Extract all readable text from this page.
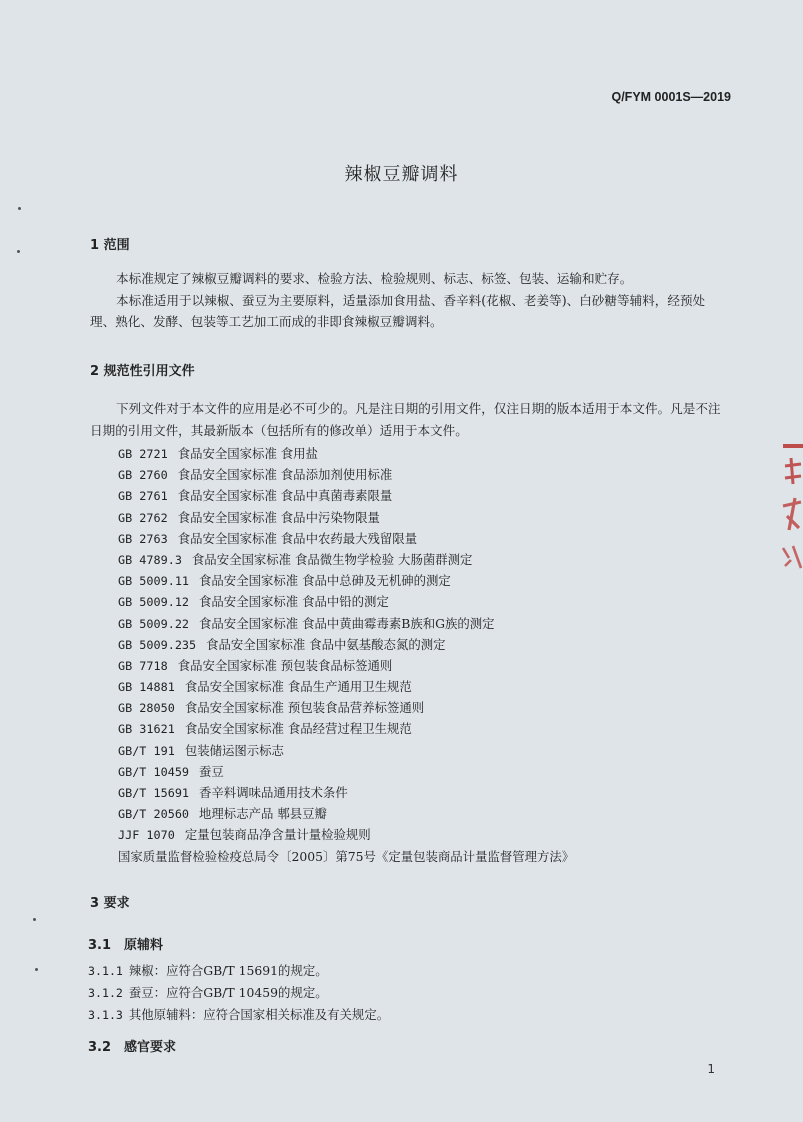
Q/FYM 0001S—2019
辣椒豆瓣调料
1 范围

本标准规定了辣椒豆瓣调料的要求、检验方法、检验规则、标志、标签、包装、运输和贮存。

本标准适用于以辣椒、蚕豆为主要原料，适量添加食用盐、香辛料(花椒、老姜等)、白砂糖等辅料，经预处理、熟化、发酵、包装等工艺加工而成的非即食辣椒豆瓣调料。

2 规范性引用文件

下列文件对于本文件的应用是必不可少的。凡是注日期的引用文件，仅注日期的版本适用于本文件。凡是不注日期的引用文件，其最新版本（包括所有的修改单）适用于本文件。

GB 2721 食品安全国家标准 食用盐
GB 2760 食品安全国家标准 食品添加剂使用标准
GB 2761 食品安全国家标准 食品中真菌毒素限量
GB 2762 食品安全国家标准 食品中污染物限量
GB 2763 食品安全国家标准 食品中农药最大残留限量
GB 4789.3 食品安全国家标准 食品微生物学检验 大肠菌群测定
GB 5009.11 食品安全国家标准 食品中总砷及无机砷的测定
GB 5009.12 食品安全国家标准 食品中铅的测定
GB 5009.22 食品安全国家标准 食品中黄曲霉毒素B族和G族的测定
GB 5009.235 食品安全国家标准 食品中氨基酸态氮的测定
GB 7718 食品安全国家标准 预包装食品标签通则
GB 14881 食品安全国家标准 食品生产通用卫生规范
GB 28050 食品安全国家标准 预包装食品营养标签通则
GB 31621 食品安全国家标准 食品经营过程卫生规范
GB/T 191 包装储运图示标志
GB/T 10459 蚕豆
GB/T 15691 香辛料调味品通用技术条件
GB/T 20560 地理标志产品 郫县豆瓣
JJF 1070 定量包装商品净含量计量检验规则
国家质量监督检验检疫总局令〔2005〕第75号《定量包装商品计量监督管理方法》
3 要求
3.1　原辅料
3.1.1 辣椒：应符合GB/T 15691的规定。
3.1.2 蚕豆：应符合GB/T 10459的规定。
3.1.3 其他原辅料：应符合国家相关标准及有关规定。
3.2　感官要求
1
